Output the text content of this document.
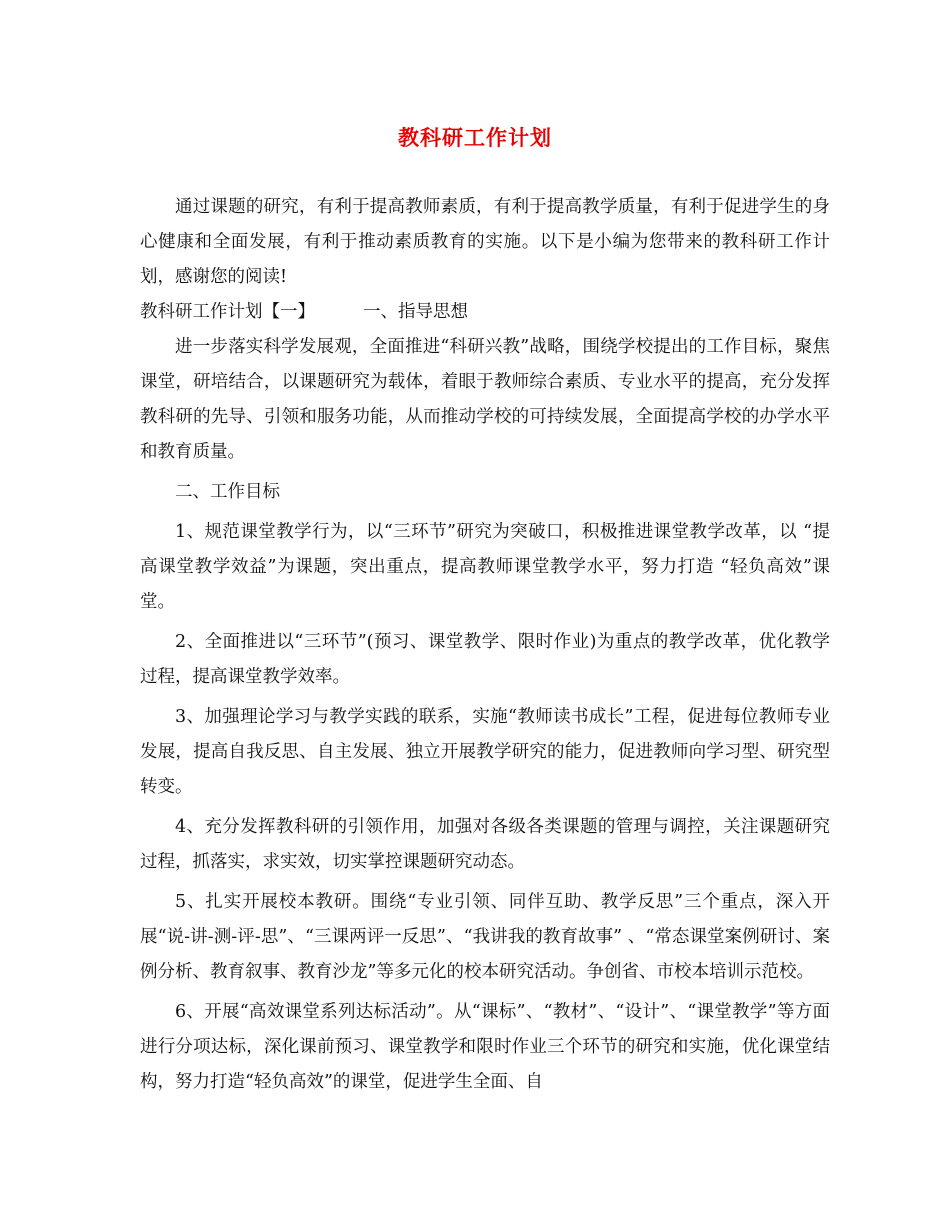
教科研工作计划

通过课题的研究，有利于提高教师素质，有利于提高教学质量，有利于促进学生的身心健康和全面发展，有利于推动素质教育的实施。以下是小编为您带来的教科研工作计划，感谢您的阅读!

教科研工作计划【一】	一、指导思想

进一步落实科学发展观，全面推进“科研兴教”战略，围绕学校提出的工作目标，聚焦课堂，研培结合，以课题研究为载体，着眼于教师综合素质、专业水平的提高，充分发挥教科研的先导、引领和服务功能，从而推动学校的可持续发展，全面提高学校的办学水平和教育质量。

二、工作目标

1、规范课堂教学行为，以“三环节”研究为突破口，积极推进课堂教学改革，以 “提高课堂教学效益”为课题，突出重点，提高教师课堂教学水平，努力打造 “轻负高效”课堂。

2、全面推进以“三环节”(预习、课堂教学、限时作业)为重点的教学改革，优化教学过程，提高课堂教学效率。

3、加强理论学习与教学实践的联系，实施“教师读书成长”工程，促进每位教师专业发展，提高自我反思、自主发展、独立开展教学研究的能力，促进教师向学习型、研究型转变。

4、充分发挥教科研的引领作用，加强对各级各类课题的管理与调控，关注课题研究过程，抓落实，求实效，切实掌控课题研究动态。

5、扎实开展校本教研。围绕“专业引领、同伴互助、教学反思”三个重点，深入开展“说-讲-测-评-思”、“三课两评一反思”、“我讲我的教育故事” 、“常态课堂案例研讨、案例分析、教育叙事、教育沙龙”等多元化的校本研究活动。争创省、市校本培训示范校。

6、开展“高效课堂系列达标活动”。从“课标”、“教材”、“设计”、“课堂教学”等方面进行分项达标，深化课前预习、课堂教学和限时作业三个环节的研究和实施，优化课堂结构，努力打造“轻负高效”的课堂，促进学生全面、自
